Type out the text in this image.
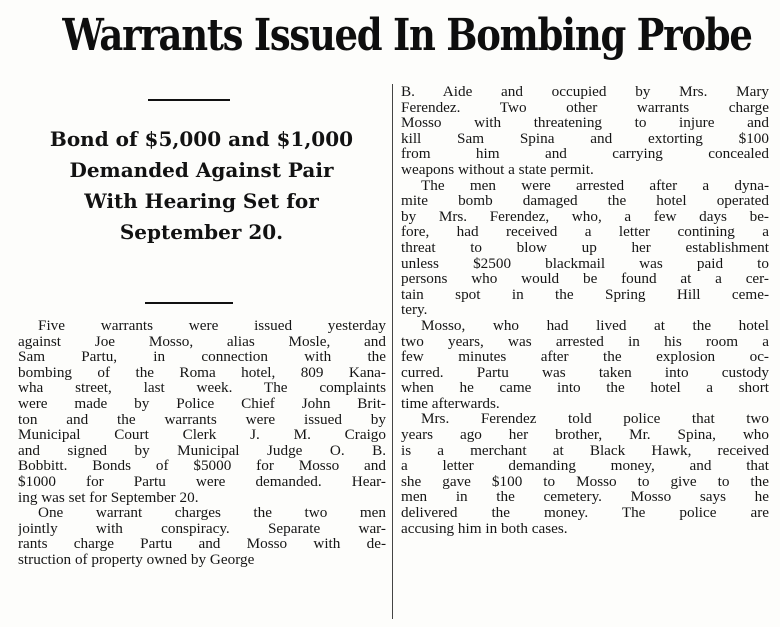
Warrants Issued In Bombing Probe
Bond of $5,000 and $1,000
Demanded Against Pair
With Hearing Set for
September 20.
Five warrants were issued yesterday
against Joe Mosso, alias Mosle, and
Sam Partu, in connection with the
bombing of the Roma hotel, 809 Kana-
wha street, last week. The complaints
were made by Police Chief John Brit-
ton and the warrants were issued by
Municipal Court Clerk J. M. Craigo
and signed by Municipal Judge O. B.
Bobbitt. Bonds of $5000 for Mosso and
$1000 for Partu were demanded. Hear-
ing was set for September 20.
One warrant charges the two men
jointly with conspiracy. Separate war-
rants charge Partu and Mosso with de-
struction of property owned by George
B. Aide and occupied by Mrs. Mary
Ferendez. Two other warrants charge
Mosso with threatening to injure and
kill Sam Spina and extorting $100
from him and carrying concealed
weapons without a state permit.
The men were arrested after a dyna-
mite bomb damaged the hotel operated
by Mrs. Ferendez, who, a few days be-
fore, had received a letter contining a
threat to blow up her establishment
unless $2500 blackmail was paid to
persons who would be found at a cer-
tain spot in the Spring Hill ceme-
tery.
Mosso, who had lived at the hotel
two years, was arrested in his room a
few minutes after the explosion oc-
curred. Partu was taken into custody
when he came into the hotel a short
time afterwards.
Mrs. Ferendez told police that two
years ago her brother, Mr. Spina, who
is a merchant at Black Hawk, received
a letter demanding money, and that
she gave $100 to Mosso to give to the
men in the cemetery. Mosso says he
delivered the money. The police are
accusing him in both cases.
